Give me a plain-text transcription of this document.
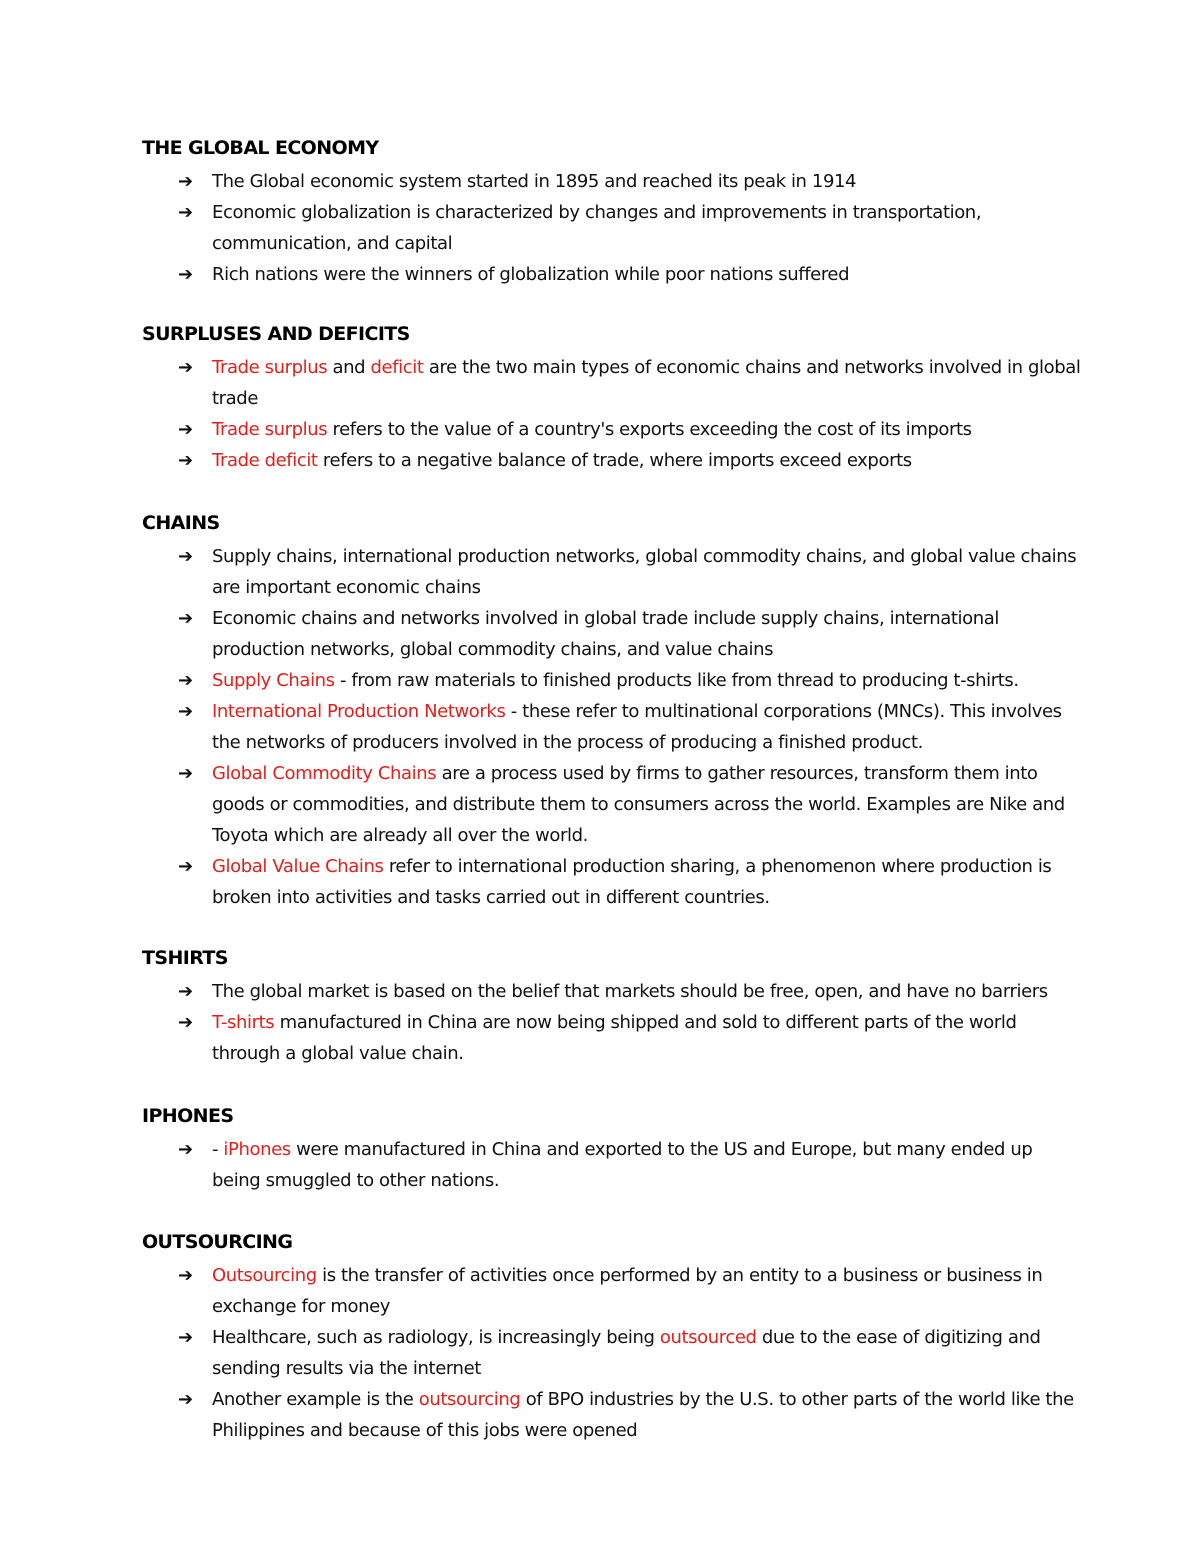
THE GLOBAL ECONOMY
➔ The Global economic system started in 1895 and reached its peak in 1914
➔ Economic globalization is characterized by changes and improvements in transportation, communication, and capital
➔ Rich nations were the winners of globalization while poor nations suffered
SURPLUSES AND DEFICITS
➔ Trade surplus and deficit are the two main types of economic chains and networks involved in global trade
➔ Trade surplus refers to the value of a country's exports exceeding the cost of its imports
➔ Trade deficit refers to a negative balance of trade, where imports exceed exports
CHAINS
➔ Supply chains, international production networks, global commodity chains, and global value chains are important economic chains
➔ Economic chains and networks involved in global trade include supply chains, international production networks, global commodity chains, and value chains
➔ Supply Chains - from raw materials to finished products like from thread to producing t-shirts.
➔ International Production Networks - these refer to multinational corporations (MNCs). This involves the networks of producers involved in the process of producing a finished product.
➔ Global Commodity Chains are a process used by firms to gather resources, transform them into goods or commodities, and distribute them to consumers across the world. Examples are Nike and Toyota which are already all over the world.
➔ Global Value Chains refer to international production sharing, a phenomenon where production is broken into activities and tasks carried out in different countries.
TSHIRTS
➔ The global market is based on the belief that markets should be free, open, and have no barriers
➔ T-shirts manufactured in China are now being shipped and sold to different parts of the world through a global value chain.
IPHONES
➔ - iPhones were manufactured in China and exported to the US and Europe, but many ended up being smuggled to other nations.
OUTSOURCING
➔ Outsourcing is the transfer of activities once performed by an entity to a business or business in exchange for money
➔ Healthcare, such as radiology, is increasingly being outsourced due to the ease of digitizing and sending results via the internet
➔ Another example is the outsourcing of BPO industries by the U.S. to other parts of the world like the Philippines and because of this jobs were opened
